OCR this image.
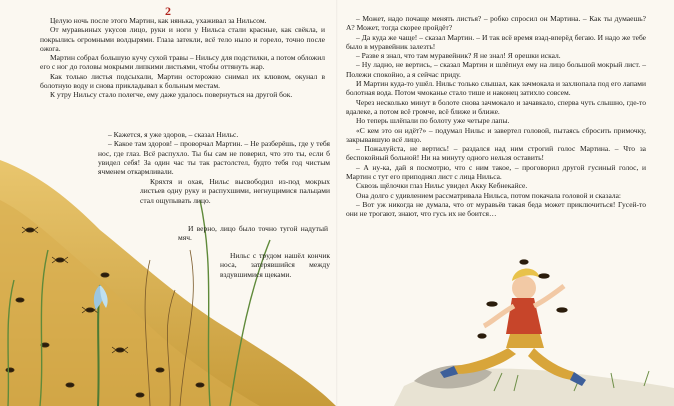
2

Целую ночь после этого Мартин, как нянька, ухаживал за Нильсом.

От муравьиных укусов лицо, руки и ноги у Нильса стали красные, как свёкла, и покрылись огромными волдырями. Глаза затекли, всё тело ныло и горело, точно после ожога.

Мартин собрал большую кучу сухой травы – Нильсу для подстилки, а потом обложил его с ног до головы мокрыми липкими листьями, чтобы оттянуть жар.

Как только листья подсыхали, Мартин осторожно снимал их клювом, окунал в болотную воду и снова прикладывал к больным местам.

К утру Нильсу стало полегче, ему даже удалось повернуться на другой бок.

– Кажется, я уже здоров, – сказал Нильс.

– Какое там здоров! – проворчал Мартин. – Не разберёшь, где у тебя нос, где глаз. Всё распухло. Ты бы сам не поверил, что это ты, если б увидел себя! За один час ты так растолстел, будто тебя год чистым ячменем откармливали.

Кряхтя и охая, Нильс высвободил из-под мокрых листьев одну руку и распухшими, негнущимися пальцами стал ощупывать лицо.

И верно, лицо было точно тугой надутый мяч.

Нильс с трудом нашёл кончик носа, затерявшийся между вздувшимися щеками.

– Может, надо почаще менять листья? – робко спросил он Мартина. – Как ты думаешь? А? Может, тогда скорее пройдёт?

– Да куда же чаще! – сказал Мартин. – И так всё время взад-вперёд бегаю. И надо же тебе было в муравейник залезть!

– Разве я знал, что там муравейник? Я не знал! Я орешки искал.

– Ну ладно, не вертись, – сказал Мартин и шлёпнул ему на лицо большой мокрый лист. – Полежи спокойно, а я сейчас приду.

И Мартин куда-то ушёл. Нильс только слышал, как зачмокала и захлюпала под его лапами болотная вода. Потом чмоканье стало тише и наконец затихло совсем.

Через несколько минут в болоте снова зачмокало и зачавкало, сперва чуть слышно, где-то вдалеке, а потом всё громче, всё ближе и ближе.

Но теперь шлёпали по болоту уже четыре лапы.

«С кем это он идёт?» – подумал Нильс и завертел головой, пытаясь сбросить примочку, закрывавшую всё лицо.

– Пожалуйста, не вертись! – раздался над ним строгий голос Мартина. – Что за беспокойный больной! Ни на минуту одного нельзя оставить!

– А ну-ка, дай я посмотрю, что с ним такое, – проговорил другой гусиный голос, и Мартин с тут его приподнял лист с лица Нильса.

Сквозь щёлочки глаз Нильс увидел Акку Кебнекайсе.

Она долго с удивлением рассматривала Нильса, потом покачала головой и сказала:

– Вот уж никогда не думала, что от муравьёв такая беда может приключиться! Гусей-то они не трогают, знают, что гусь их не боится…
